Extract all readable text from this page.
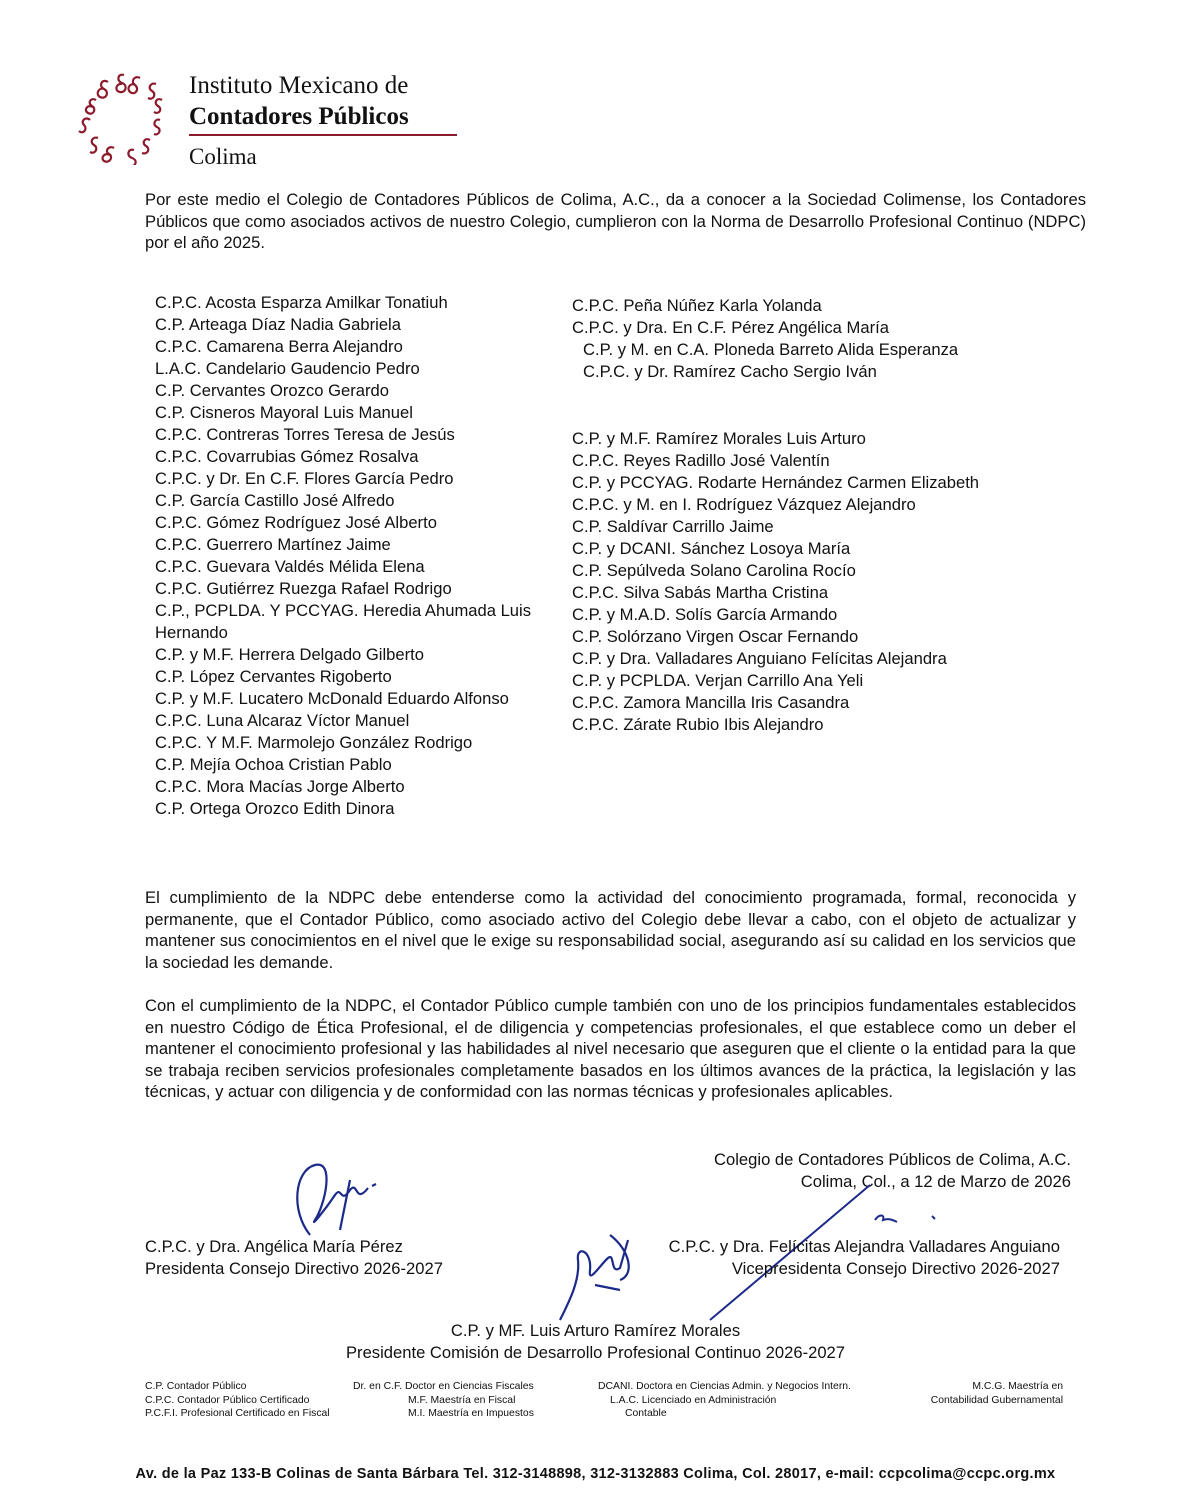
Instituto Mexicano de
Contadores Públicos
Colima
Por este medio el Colegio de Contadores Públicos de Colima, A.C., da a conocer a la Sociedad Colimense, los Contadores Públicos que como asociados activos de nuestro Colegio, cumplieron con la Norma de Desarrollo Profesional Continuo (NDPC) por el año 2025.
C.P.C. Acosta Esparza Amilkar Tonatiuh
C.P. Arteaga Díaz Nadia Gabriela
C.P.C. Camarena Berra Alejandro
L.A.C. Candelario Gaudencio Pedro
C.P. Cervantes Orozco Gerardo
C.P. Cisneros Mayoral Luis Manuel
C.P.C. Contreras Torres Teresa de Jesús
C.P.C. Covarrubias Gómez Rosalva
C.P.C. y Dr. En C.F. Flores García Pedro
C.P. García Castillo José Alfredo
C.P.C. Gómez Rodríguez José Alberto
C.P.C. Guerrero Martínez Jaime
C.P.C. Guevara Valdés Mélida Elena
C.P.C. Gutiérrez Ruezga Rafael Rodrigo
C.P., PCPLDA. Y PCCYAG. Heredia Ahumada Luis Hernando
C.P. y M.F. Herrera Delgado Gilberto
C.P. López Cervantes Rigoberto
C.P. y M.F. Lucatero McDonald Eduardo Alfonso
C.P.C. Luna Alcaraz Víctor Manuel
C.P.C. Y M.F. Marmolejo González Rodrigo
C.P. Mejía Ochoa Cristian Pablo
C.P.C. Mora Macías Jorge Alberto
C.P. Ortega Orozco Edith Dinora
C.P.C. Peña Núñez Karla Yolanda
C.P.C. y Dra. En C.F. Pérez Angélica María
C.P. y M. en C.A. Ploneda Barreto Alida Esperanza
C.P.C. y Dr. Ramírez Cacho Sergio Iván
C.P. y M.F. Ramírez Morales Luis Arturo
C.P.C. Reyes Radillo José Valentín
C.P. y PCCYAG. Rodarte Hernández Carmen Elizabeth
C.P.C. y M. en I. Rodríguez Vázquez Alejandro
C.P. Saldívar Carrillo Jaime
C.P. y DCANI. Sánchez Losoya María
C.P. Sepúlveda Solano Carolina Rocío
C.P.C. Silva Sabás Martha Cristina
C.P. y M.A.D. Solís García Armando
C.P. Solórzano Virgen Oscar Fernando
C.P. y Dra. Valladares Anguiano Felícitas Alejandra
C.P. y PCPLDA. Verjan Carrillo Ana Yeli
C.P.C. Zamora Mancilla Iris Casandra
C.P.C. Zárate Rubio Ibis Alejandro
El cumplimiento de la NDPC debe entenderse como la actividad del conocimiento programada, formal, reconocida y permanente, que el Contador Público, como asociado activo del Colegio debe llevar a cabo, con el objeto de actualizar y mantener sus conocimientos en el nivel que le exige su responsabilidad social, asegurando así su calidad en los servicios que la sociedad les demande.
Con el cumplimiento de la NDPC, el Contador Público cumple también con uno de los principios fundamentales establecidos en nuestro Código de Ética Profesional, el de diligencia y competencias profesionales, el que establece como un deber el mantener el conocimiento profesional y las habilidades al nivel necesario que aseguren que el cliente o la entidad para la que se trabaja reciben servicios profesionales completamente basados en los últimos avances de la práctica, la legislación y las técnicas, y actuar con diligencia y de conformidad con las normas técnicas y profesionales aplicables.
Colegio de Contadores Públicos de Colima, A.C.
Colima, Col., a 12 de Marzo de 2026
C.P.C. y Dra. Angélica María Pérez
Presidenta Consejo Directivo 2026-2027
C.P.C. y Dra. Felícitas Alejandra Valladares Anguiano
Vicepresidenta Consejo Directivo 2026-2027
C.P. y MF. Luis Arturo Ramírez Morales
Presidente Comisión de Desarrollo Profesional Continuo 2026-2027
C.P. Contador Público
C.P.C. Contador Público Certificado
P.C.F.I. Profesional Certificado en Fiscal
Dr. en C.F. Doctor en Ciencias Fiscales
M.F. Maestría en Fiscal
M.I. Maestría en Impuestos
DCANI. Doctora en Ciencias Admin. y Negocios Intern.
L.A.C. Licenciado en Administración
Contable
M.C.G. Maestría en
Contabilidad Gubernamental
Av. de la Paz 133-B Colinas de Santa Bárbara Tel. 312-3148898, 312-3132883 Colima, Col. 28017, e-mail: ccpcolima@ccpc.org.mx
